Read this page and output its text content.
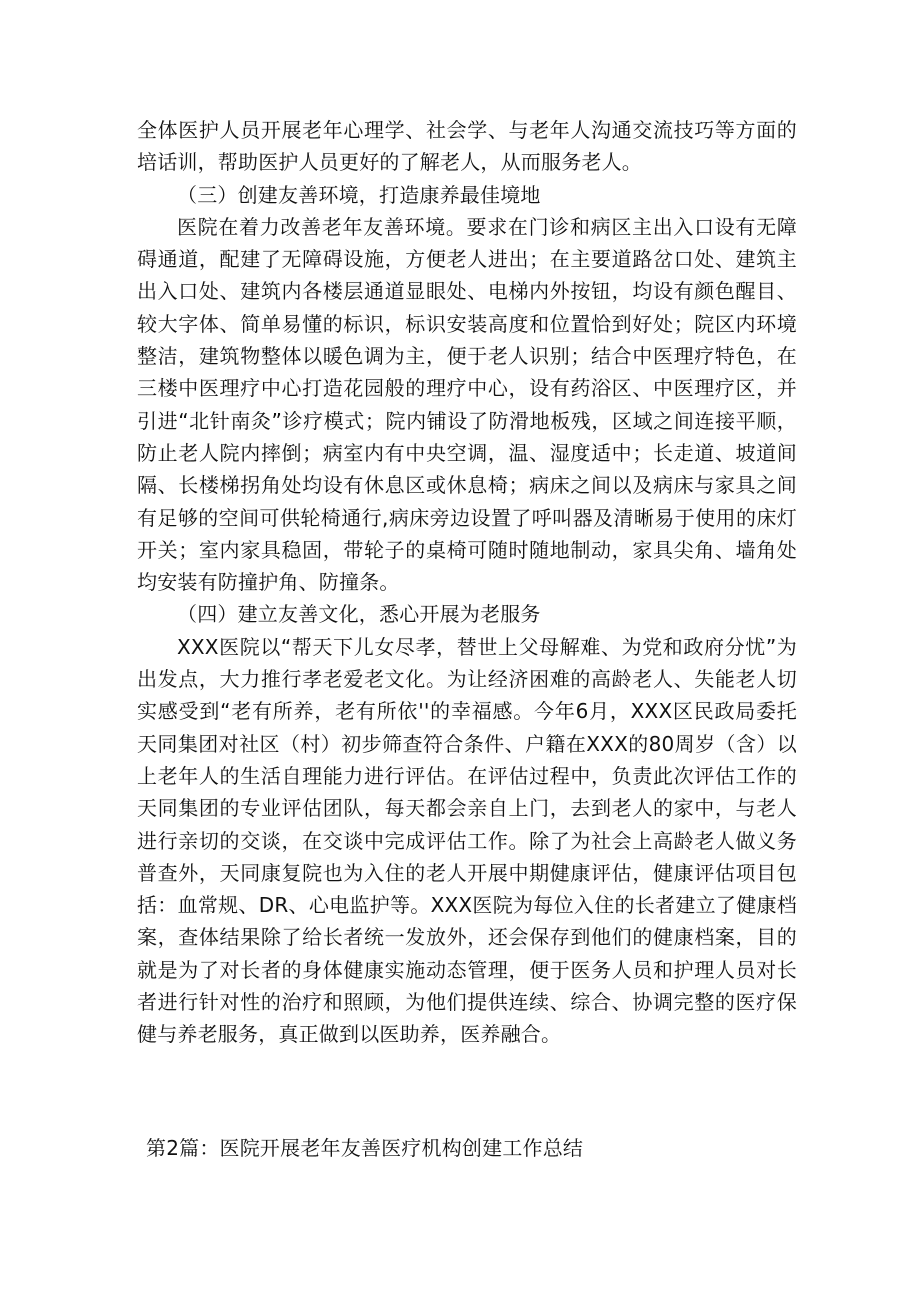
全体医护人员开展老年心理学、社会学、与老年人沟通交流技巧等方面的培话训，帮助医护人员更好的了解老人，从而服务老人。

（三）创建友善环境，打造康养最佳境地

医院在着力改善老年友善环境。要求在门诊和病区主出入口设有无障碍通道，配建了无障碍设施，方便老人进出；在主要道路岔口处、建筑主出入口处、建筑内各楼层通道显眼处、电梯内外按钮，均设有颜色醒目、较大字体、简单易懂的标识，标识安装高度和位置恰到好处；院区内环境整洁，建筑物整体以暖色调为主，便于老人识别；结合中医理疗特色，在三楼中医理疗中心打造花园般的理疗中心，设有药浴区、中医理疗区，并引进“北针南灸”诊疗模式；院内铺设了防滑地板残，区域之间连接平顺，防止老人院内摔倒；病室内有中央空调，温、湿度适中；长走道、坡道间隔、长楼梯拐角处均设有休息区或休息椅；病床之间以及病床与家具之间有足够的空间可供轮椅通行,病床旁边设置了呼叫器及清晰易于使用的床灯开关；室内家具稳固，带轮子的桌椅可随时随地制动，家具尖角、墙角处均安装有防撞护角、防撞条。

（四）建立友善文化，悉心开展为老服务

XXX医院以“帮天下儿女尽孝，替世上父母解难、为党和政府分忧”为出发点，大力推行孝老爱老文化。为让经济困难的高龄老人、失能老人切实感受到“老有所养，老有所依''的幸福感。今年6月，XXX区民政局委托天同集团对社区（村）初步筛查符合条件、户籍在XXX的80周岁（含）以上老年人的生活自理能力进行评估。在评估过程中，负责此次评估工作的天同集团的专业评估团队，每天都会亲自上门，去到老人的家中，与老人进行亲切的交谈，在交谈中完成评估工作。除了为社会上高龄老人做义务普查外，天同康复院也为入住的老人开展中期健康评估，健康评估项目包括：血常规、DR、心电监护等。XXX医院为每位入住的长者建立了健康档案，查体结果除了给长者统一发放外，还会保存到他们的健康档案，目的就是为了对长者的身体健康实施动态管理，便于医务人员和护理人员对长者进行针对性的治疗和照顾，为他们提供连续、综合、协调完整的医疗保健与养老服务，真正做到以医助养，医养融合。

第2篇：医院开展老年友善医疗机构创建工作总结
